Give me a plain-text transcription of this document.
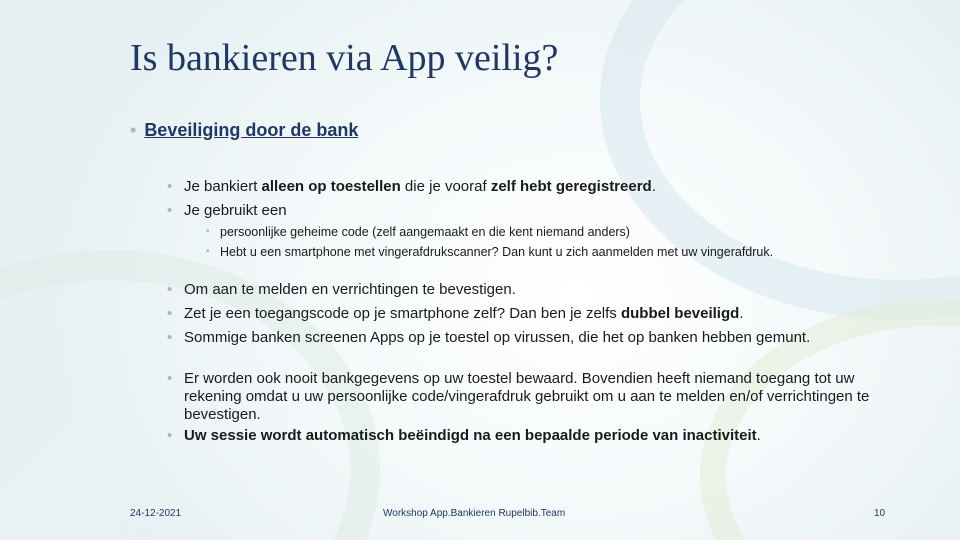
Is bankieren via App veilig?
• Beveiliging door de bank
• Je bankiert alleen op toestellen die je vooraf zelf hebt geregistreerd.
• Je gebruikt een
• persoonlijke geheime code (zelf aangemaakt en die kent niemand anders)
• Hebt u een smartphone met vingerafdrukscanner? Dan kunt u zich aanmelden met uw vingerafdruk.
• Om aan te melden en verrichtingen te bevestigen.
• Zet je een toegangscode op je smartphone zelf? Dan ben je zelfs dubbel beveiligd.
• Sommige banken screenen Apps op je toestel op virussen, die het op banken hebben gemunt.
• Er worden ook nooit bankgegevens op uw toestel bewaard. Bovendien heeft niemand toegang tot uw rekening omdat u uw persoonlijke code/vingerafdruk gebruikt om u aan te melden en/of verrichtingen te bevestigen.
• Uw sessie wordt automatisch beëindigd na een bepaalde periode van inactiviteit.
24-12-2021	Workshop App.Bankieren Rupelbib.Team	10
